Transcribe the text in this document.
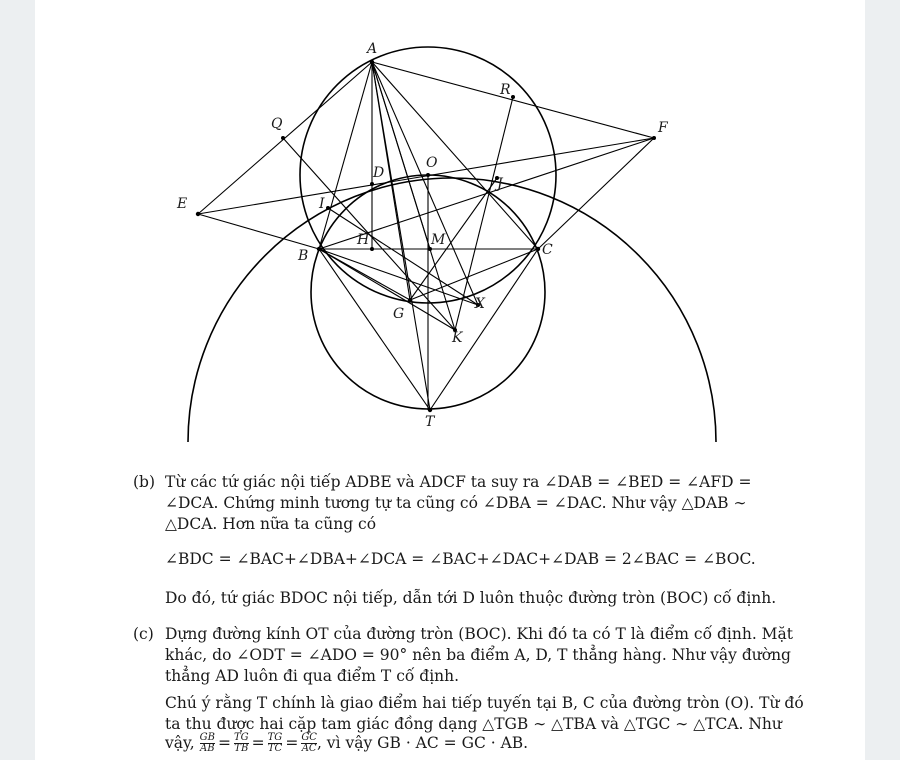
A
R
Q	F
D
O
J
E	I
H	M
B	C
G
X
K
T
(b) Từ các tứ giác nội tiếp ADBE và ADCF ta suy ra ∠DAB = ∠BED = ∠AFD =
∠DCA. Chứng minh tương tự ta cũng có ∠DBA = ∠DAC. Như vậy △DAB ∼
△DCA. Hơn nữa ta cũng có
∠BDC = ∠BAC+∠DBA+∠DCA = ∠BAC+∠DAC+∠DAB = 2∠BAC = ∠BOC.
Do đó, tứ giác BDOC nội tiếp, dẫn tới D luôn thuộc đường tròn (BOC) cố định.
(c) Dựng đường kính OT của đường tròn (BOC). Khi đó ta có T là điểm cố định. Mặt
khác, do ∠ODT = ∠ADO = 90° nên ba điểm A, D, T thẳng hàng. Như vậy đường
thẳng AD luôn đi qua điểm T cố định.
Chú ý rằng T chính là giao điểm hai tiếp tuyến tại B, C của đường tròn (O). Từ đó
ta thu được hai cặp tam giác đồng dạng △TGB ∼ △TBA và △TGC ∼ △TCA. Như
vậy, $\frac{GB}{AB} = \frac{TG}{TB} = \frac{TG}{TC} = \frac{GC}{AC}$ , vì vậy GB · AC = GC · AB.
